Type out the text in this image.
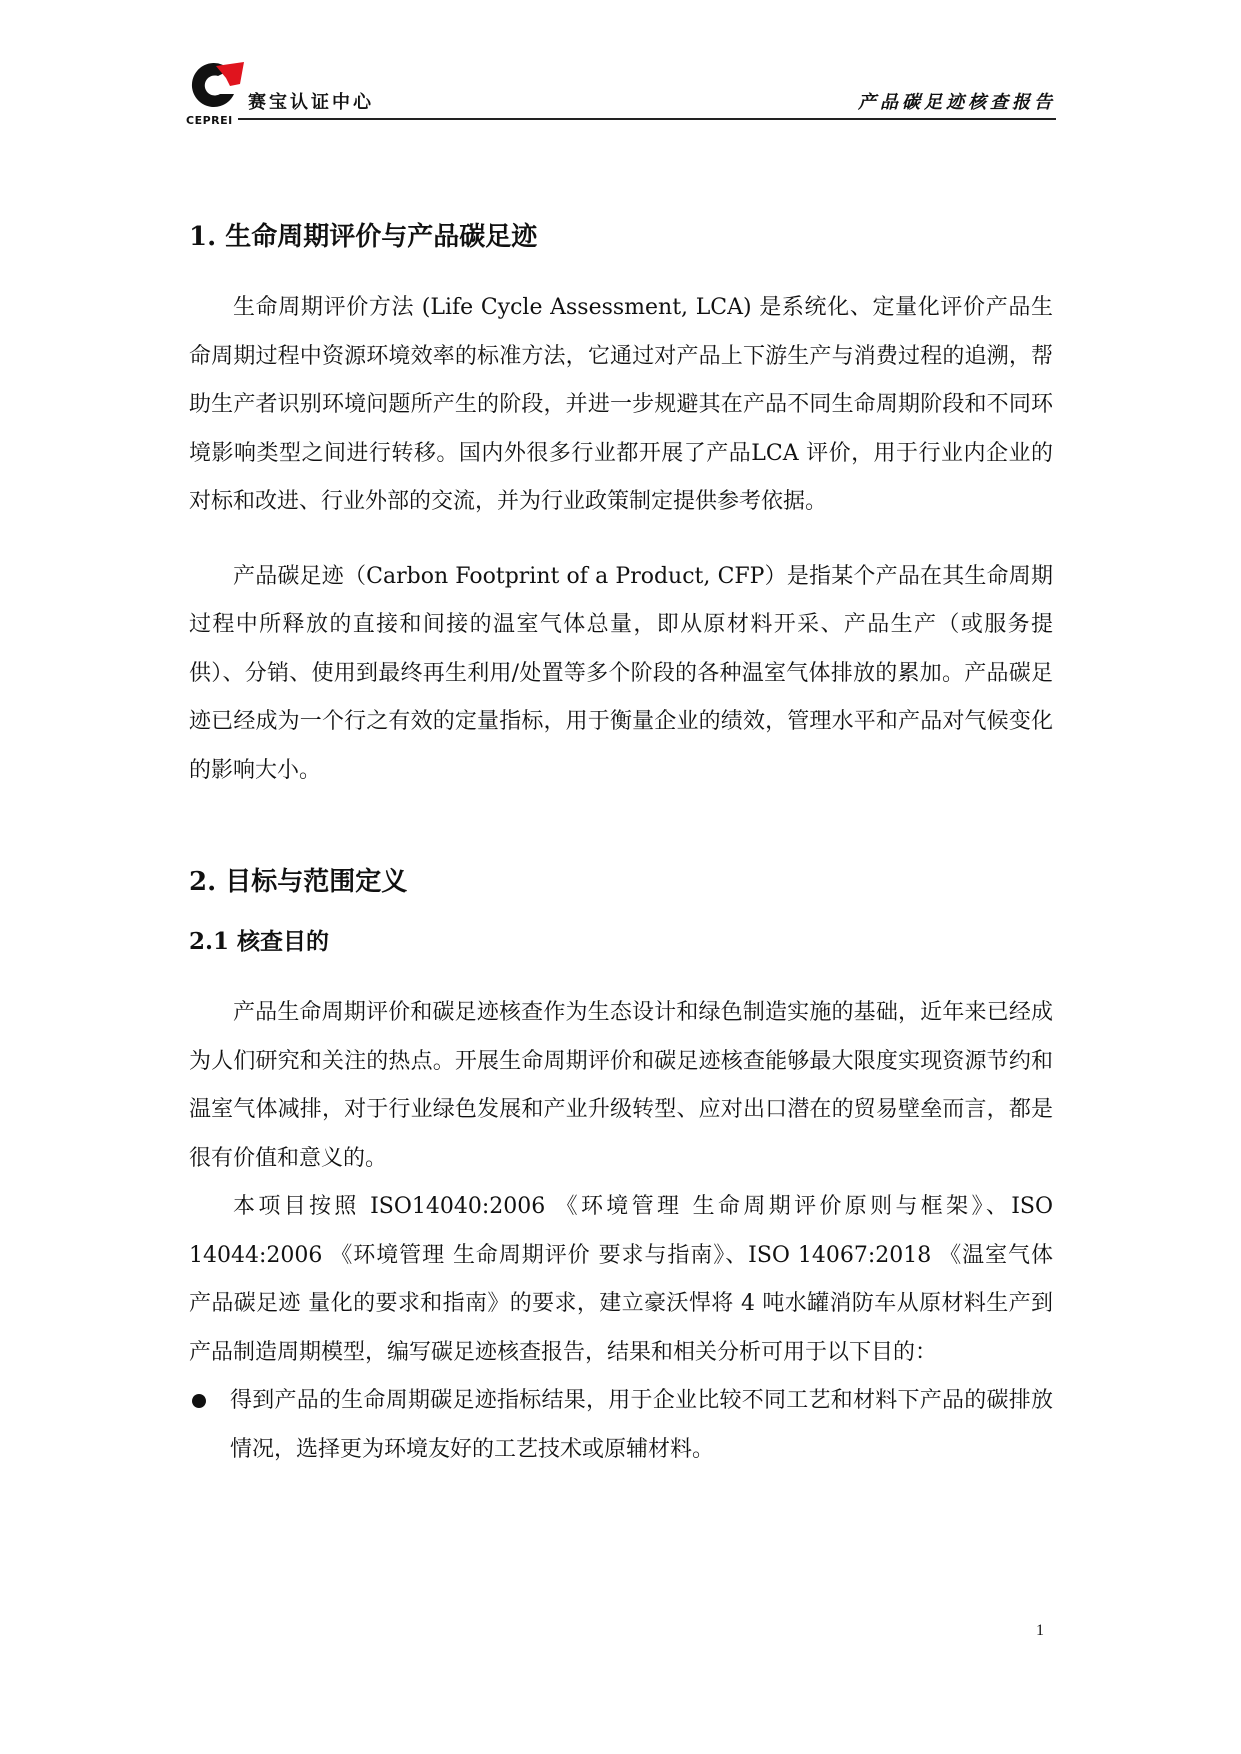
赛宝认证中心
CEPREI
产品碳足迹核查报告
1. 生命周期评价与产品碳足迹

生命周期评价方法 (Life Cycle Assessment, LCA) 是系统化、定量化评价产品生命周期过程中资源环境效率的标准方法，它通过对产品上下游生产与消费过程的追溯，帮助生产者识别环境问题所产生的阶段，并进一步规避其在产品不同生命周期阶段和不同环境影响类型之间进行转移。国内外很多行业都开展了产品LCA 评价，用于行业内企业的对标和改进、行业外部的交流，并为行业政策制定提供参考依据。

产品碳足迹（Carbon Footprint of a Product, CFP）是指某个产品在其生命周期过程中所释放的直接和间接的温室气体总量，即从原材料开采、产品生产（或服务提供）、分销、使用到最终再生利用/处置等多个阶段的各种温室气体排放的累加。产品碳足迹已经成为一个行之有效的定量指标，用于衡量企业的绩效，管理水平和产品对气候变化的影响大小。

2. 目标与范围定义
2.1 核查目的

产品生命周期评价和碳足迹核查作为生态设计和绿色制造实施的基础，近年来已经成为人们研究和关注的热点。开展生命周期评价和碳足迹核查能够最大限度实现资源节约和温室气体减排，对于行业绿色发展和产业升级转型、应对出口潜在的贸易壁垒而言，都是很有价值和意义的。

本项目按照 ISO14040:2006 《环境管理 生命周期评价原则与框架》、ISO 14044:2006 《环境管理 生命周期评价 要求与指南》、ISO 14067:2018 《温室气体 产品碳足迹 量化的要求和指南》的要求，建立豪沃悍将 4 吨水罐消防车从原材料生产到产品制造周期模型，编写碳足迹核查报告，结果和相关分析可用于以下目的：

得到产品的生命周期碳足迹指标结果，用于企业比较不同工艺和材料下产品的碳排放情况，选择更为环境友好的工艺技术或原辅材料。
1
